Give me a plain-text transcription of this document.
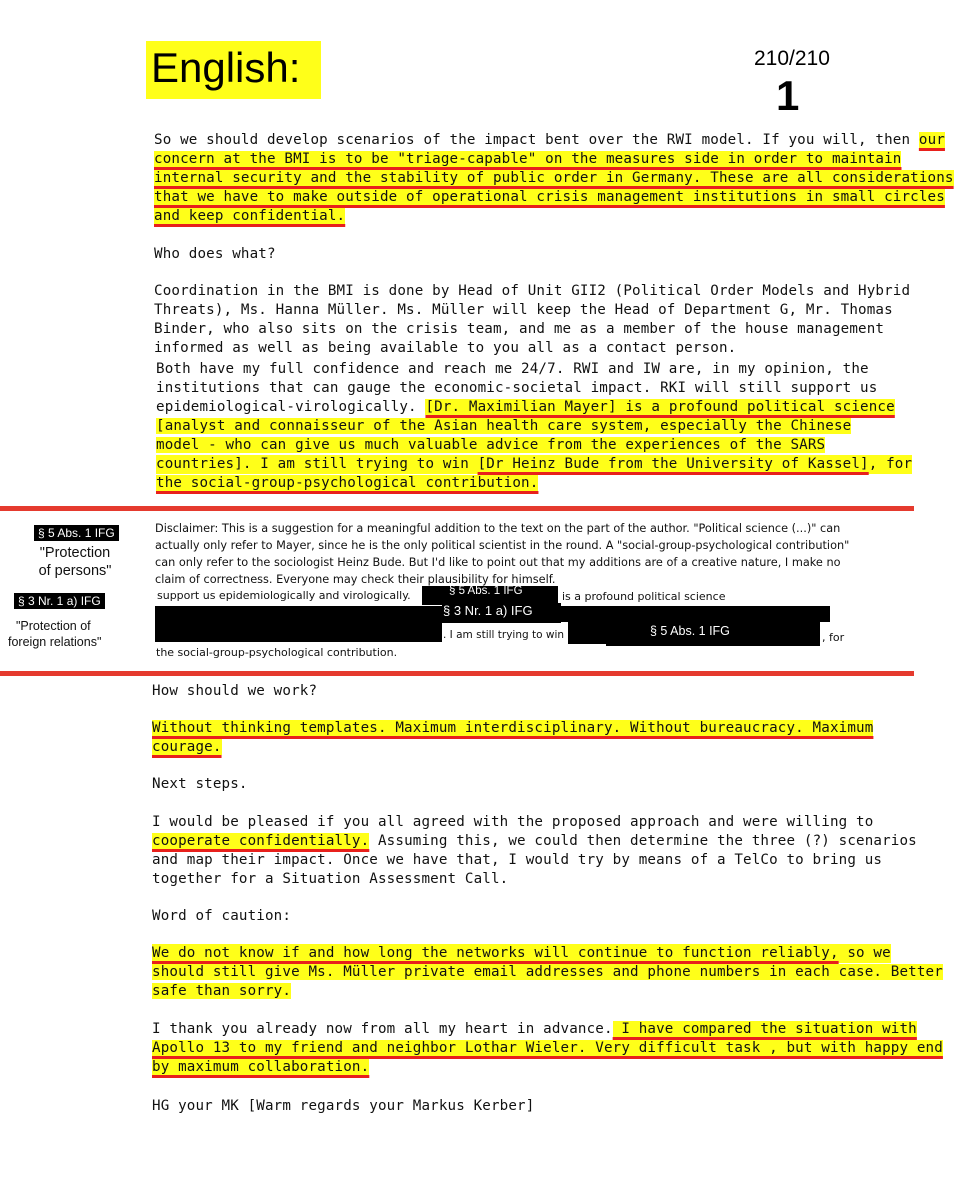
English:	210/210
1
So we should develop scenarios of the impact bent over the RWI model. If you will, then our
concern at the BMI is to be "triage-capable" on the measures side in order to maintain
internal security and the stability of public order in Germany. These are all considerations
that we have to make outside of operational crisis management institutions in small circles
and keep confidential.
Who does what?
Coordination in the BMI is done by Head of Unit GII2 (Political Order Models and Hybrid
Threats), Ms. Hanna Müller. Ms. Müller will keep the Head of Department G, Mr. Thomas
Binder, who also sits on the crisis team, and me as a member of the house management
informed as well as being available to you all as a contact person.
Both have my full confidence and reach me 24/7. RWI and IW are, in my opinion, the
institutions that can gauge the economic-societal impact. RKI will still support us
epidemiological-virologically. [Dr. Maximilian Mayer] is a profound political science
[analyst and connaisseur of the Asian health care system, especially the Chinese
model - who can give us much valuable advice from the experiences of the SARS
countries]. I am still trying to win [Dr Heinz Bude from the University of Kassel], for
the social-group-psychological contribution.
§ 5 Abs. 1 IFG
"Protection
of persons"
§ 3 Nr. 1 a) IFG
"Protection of
foreign relations"
Disclaimer: This is a suggestion for a meaningful addition to the text on the part of the author. "Political science (...)" can
actually only refer to Mayer, since he is the only political scientist in the round. A "social-group-psychological contribution"
can only refer to the sociologist Heinz Bude. But I'd like to point out that my additions are of a creative nature, I make no
claim of correctness. Everyone may check their plausibility for himself.
support us epidemiologically and virologically.	§ 5 Abs. 1 IFG	is a profound political science
§ 3 Nr. 1 a) IFG
. I am still trying to win	§ 5 Abs. 1 IFG	, for
the social-group-psychological contribution.
How should we work?
Without thinking templates. Maximum interdisciplinary. Without bureaucracy. Maximum
courage.
Next steps.
I would be pleased if you all agreed with the proposed approach and were willing to
cooperate confidentially. Assuming this, we could then determine the three (?) scenarios
and map their impact. Once we have that, I would try by means of a TelCo to bring us
together for a Situation Assessment Call.
Word of caution:
We do not know if and how long the networks will continue to function reliably, so we
should still give Ms. Müller private email addresses and phone numbers in each case. Better
safe than sorry.
I thank you already now from all my heart in advance. I have compared the situation with
Apollo 13 to my friend and neighbor Lothar Wieler. Very difficult task , but with happy end
by maximum collaboration.
HG your MK [Warm regards your Markus Kerber]
